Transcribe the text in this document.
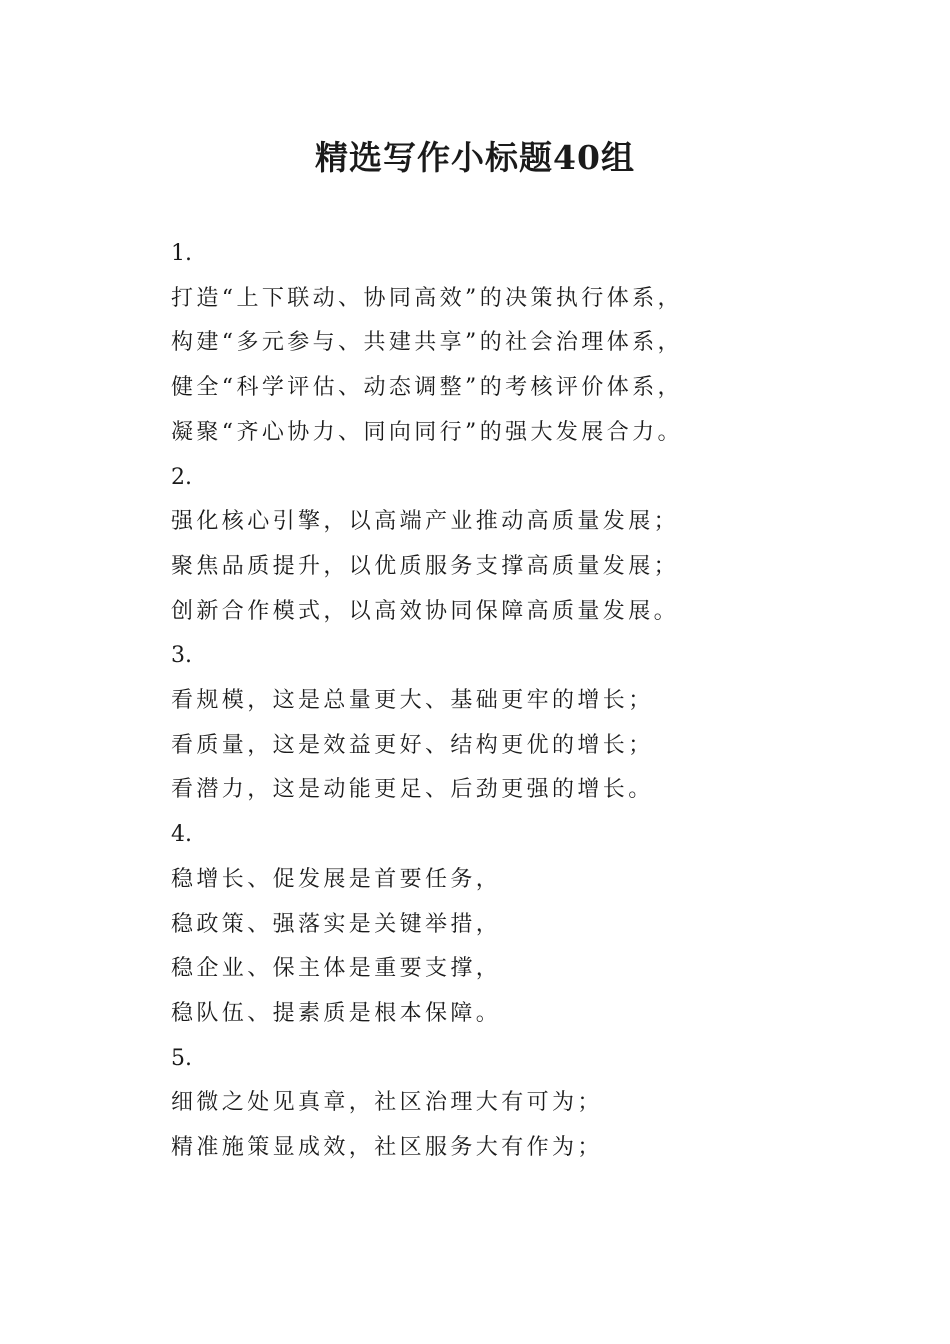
精选写作小标题40组

1.

打造“上下联动、协同高效”的决策执行体系，

构建“多元参与、共建共享”的社会治理体系，

健全“科学评估、动态调整”的考核评价体系，

凝聚“齐心协力、同向同行”的强大发展合力。

2.

强化核心引擎，以高端产业推动高质量发展；

聚焦品质提升，以优质服务支撑高质量发展；

创新合作模式，以高效协同保障高质量发展。

3.

看规模，这是总量更大、基础更牢的增长；

看质量，这是效益更好、结构更优的增长；

看潜力，这是动能更足、后劲更强的增长。

4.

稳增长、促发展是首要任务，

稳政策、强落实是关键举措，

稳企业、保主体是重要支撑，

稳队伍、提素质是根本保障。

5.

细微之处见真章，社区治理大有可为；

精准施策显成效，社区服务大有作为；
